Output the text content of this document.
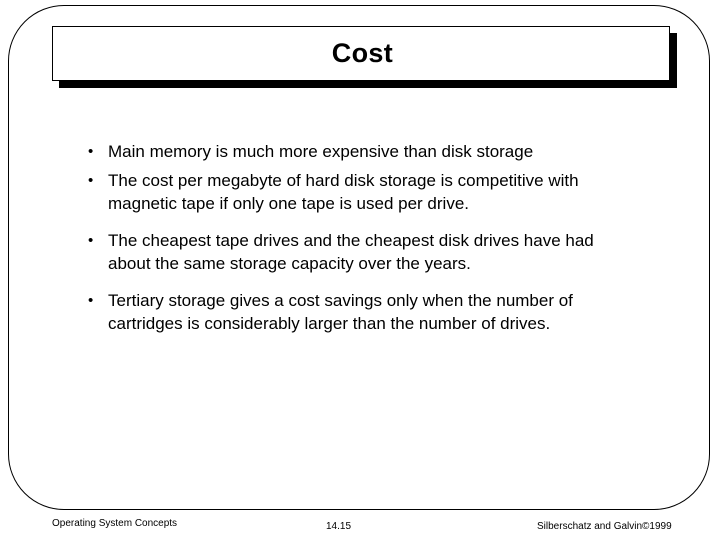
Cost
• Main memory is much more expensive than disk storage
• The cost per megabyte of hard disk storage is competitive with magnetic tape if only one tape is used per drive.
• The cheapest tape drives and the cheapest disk drives have had about the same storage capacity over the years.
• Tertiary storage gives a cost savings only when the number of cartridges is considerably larger than the number of drives.
Operating System Concepts	14.15	Silberschatz and Galvin©1999
